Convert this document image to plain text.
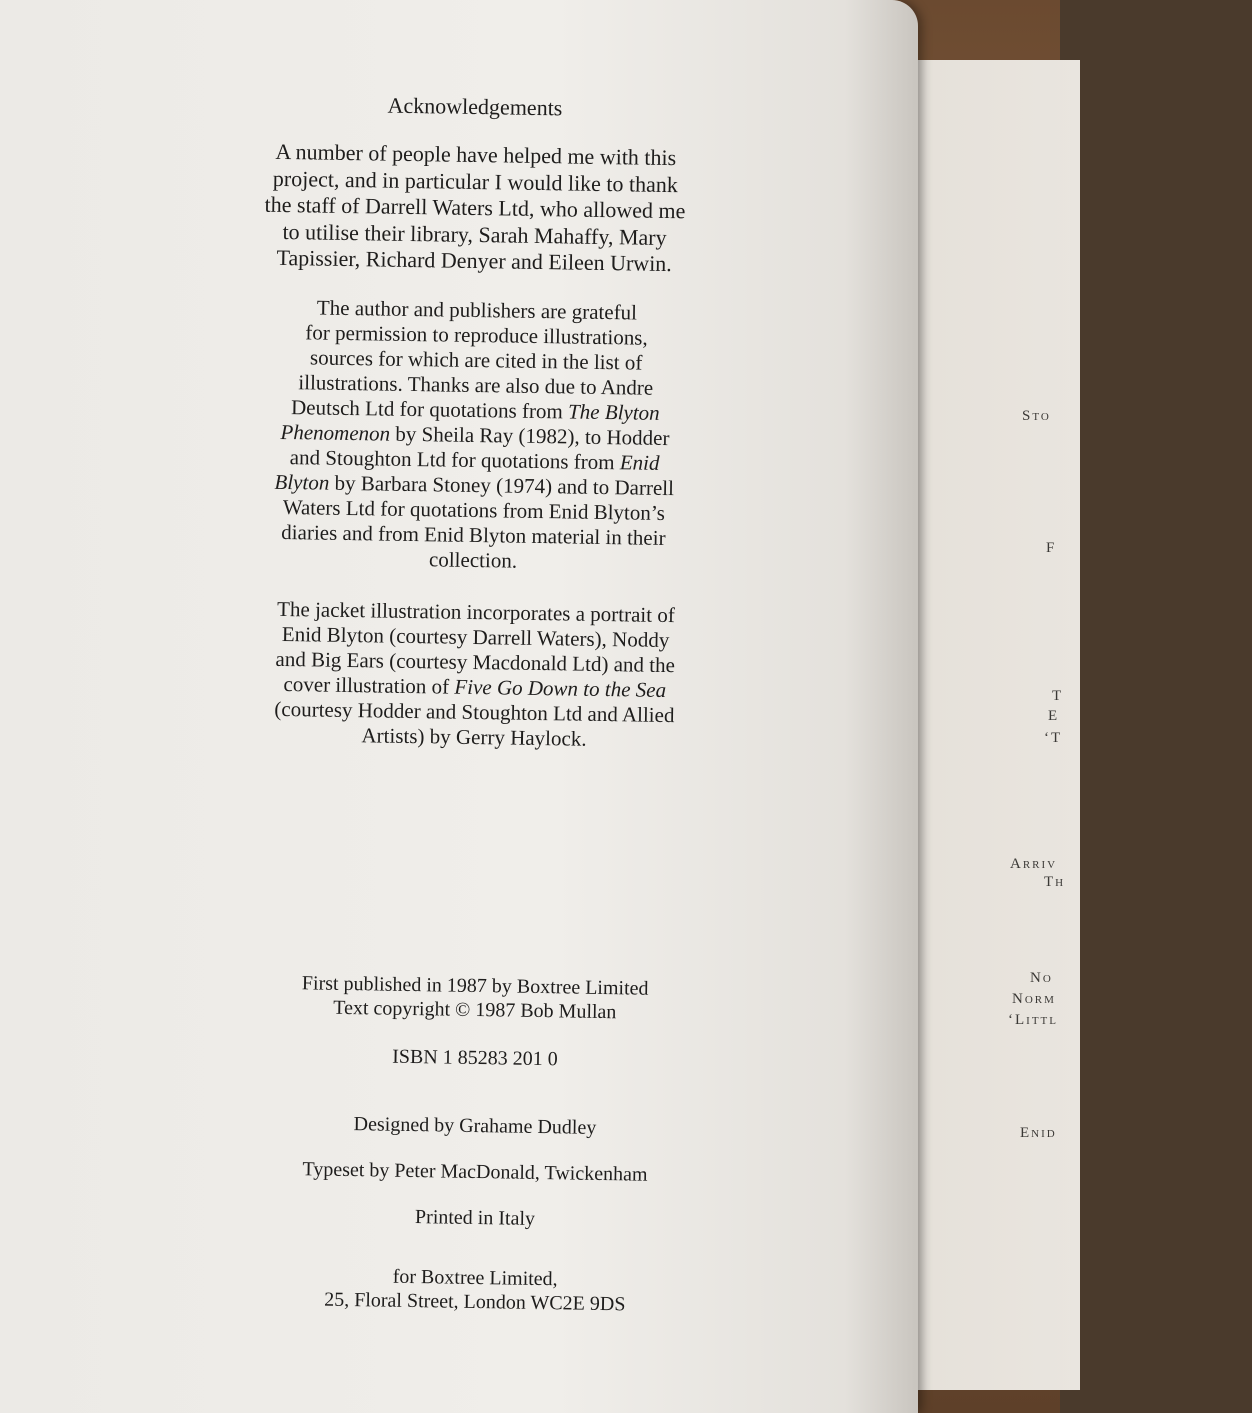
Sto
F
T
E
‘T
Arriv
Th
No
Norm
‘Littl
Enid
Acknowledgements
A number of people have helped me with this
project, and in particular I would like to thank
the staff of Darrell Waters Ltd, who allowed me
to utilise their library, Sarah Mahaffy, Mary
Tapissier, Richard Denyer and Eileen Urwin.
The author and publishers are grateful
for permission to reproduce illustrations,
sources for which are cited in the list of
illustrations. Thanks are also due to Andre
Deutsch Ltd for quotations from The Blyton
Phenomenon by Sheila Ray (1982), to Hodder
and Stoughton Ltd for quotations from Enid
Blyton by Barbara Stoney (1974) and to Darrell
Waters Ltd for quotations from Enid Blyton’s
diaries and from Enid Blyton material in their
collection.
The jacket illustration incorporates a portrait of
Enid Blyton (courtesy Darrell Waters), Noddy
and Big Ears (courtesy Macdonald Ltd) and the
cover illustration of Five Go Down to the Sea
(courtesy Hodder and Stoughton Ltd and Allied
Artists) by Gerry Haylock.
First published in 1987 by Boxtree Limited
Text copyright © 1987 Bob Mullan
ISBN 1 85283 201 0
Designed by Grahame Dudley
Typeset by Peter MacDonald, Twickenham
Printed in Italy
for Boxtree Limited,
25, Floral Street, London WC2E 9DS
